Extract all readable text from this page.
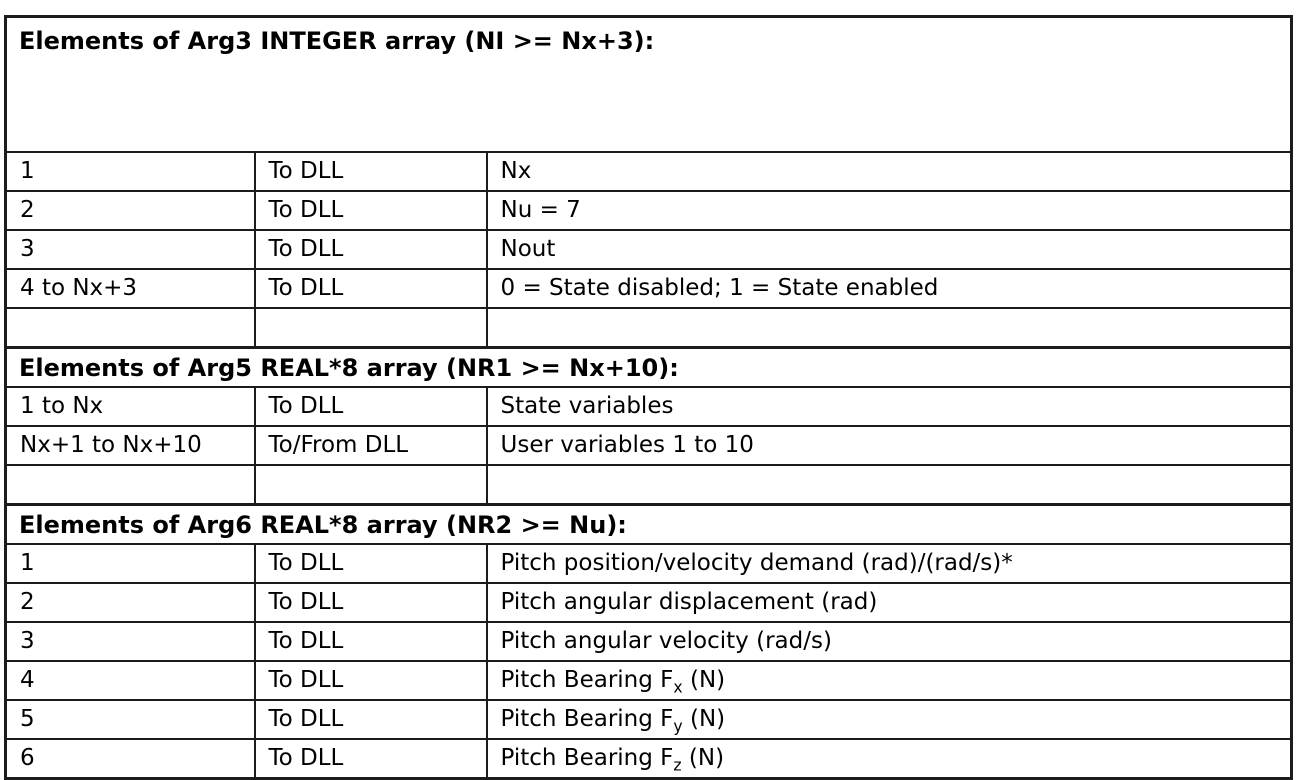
Elements of Arg3 INTEGER array (NI >= Nx+3):		
1	To DLL	Nx
2	To DLL	Nu = 7
3	To DLL	Nout
4 to Nx+3	To DLL	0 = State disabled; 1 = State enabled

Elements of Arg5 REAL*8 array (NR1 >= Nx+10):		
1 to Nx	To DLL	State variables
Nx+1 to Nx+10	To/From DLL	User variables 1 to 10

Elements of Arg6 REAL*8 array (NR2 >= Nu):		
1	To DLL	Pitch position/velocity demand (rad)/(rad/s)*
2	To DLL	Pitch angular displacement (rad)
3	To DLL	Pitch angular velocity (rad/s)
4	To DLL	Pitch Bearing $F_x$ (N)
5	To DLL	Pitch Bearing $F_y$ (N)
6	To DLL	Pitch Bearing $F_z$ (N)
